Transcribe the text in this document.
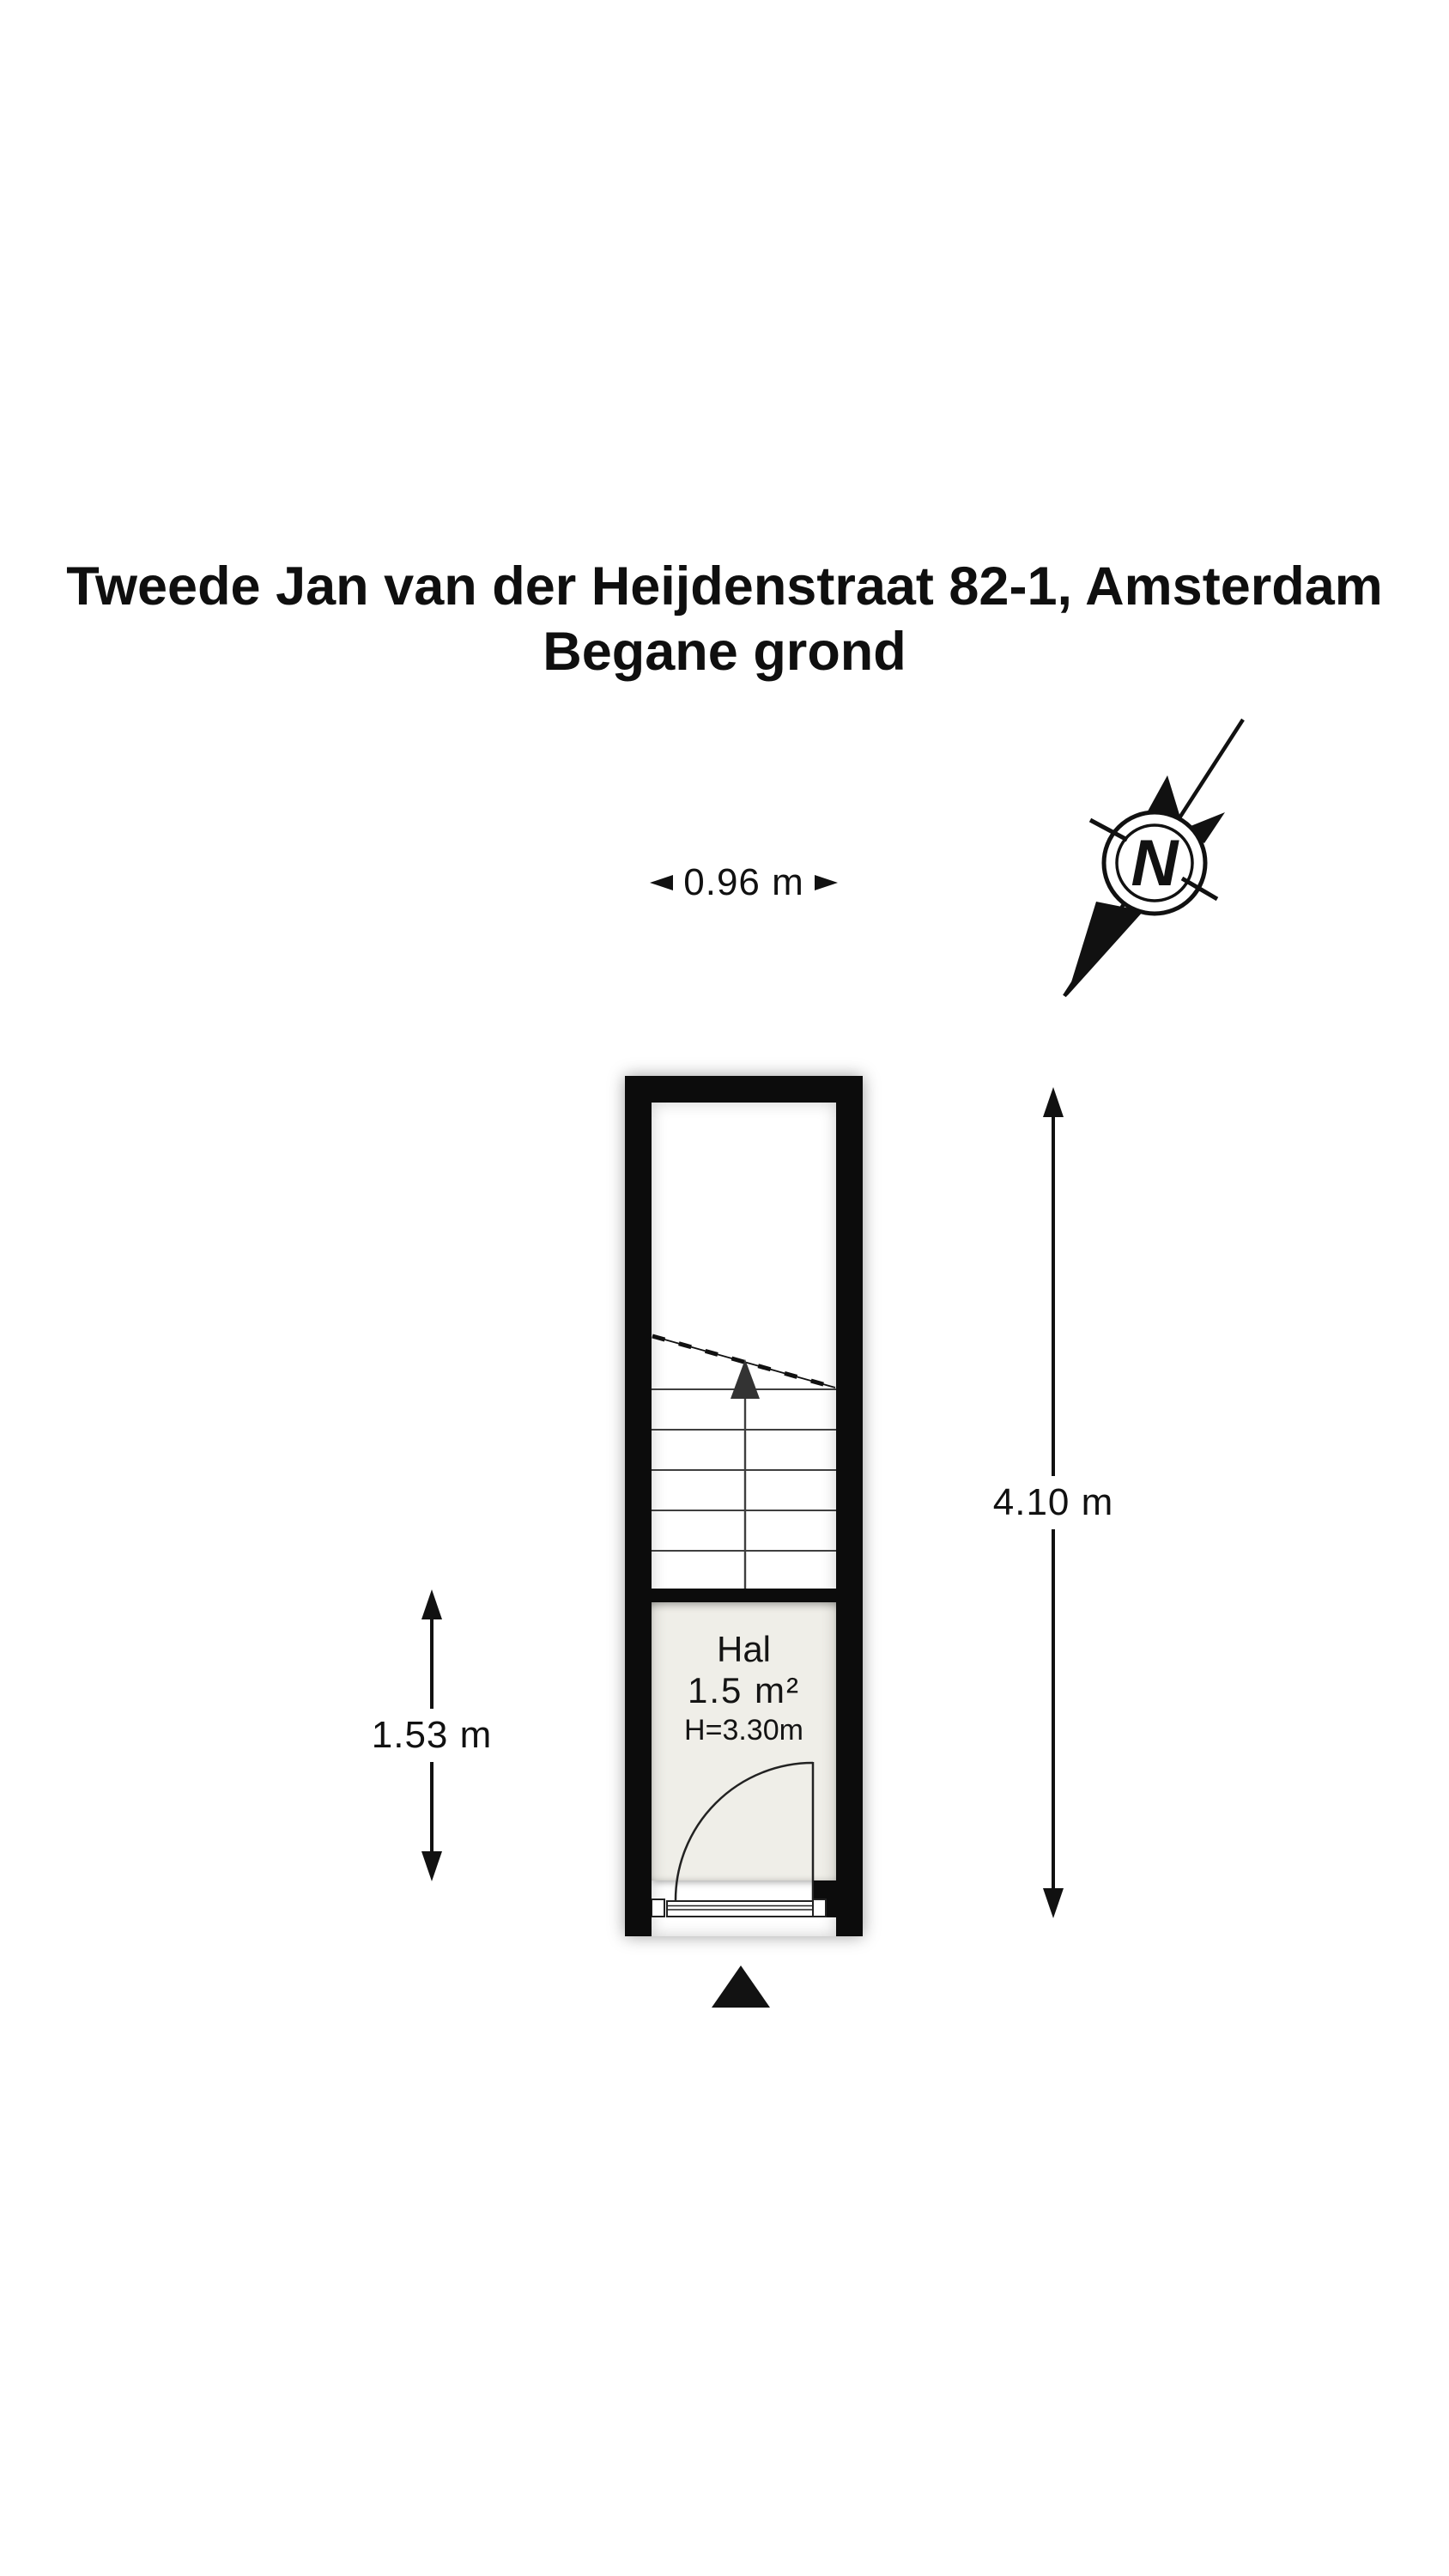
Tweede Jan van der Heijdenstraat 82-1, Amsterdam
Begane grond
N
0.96 m
Hal
1.5 m²
H=3.30m
4.10 m
1.53 m
